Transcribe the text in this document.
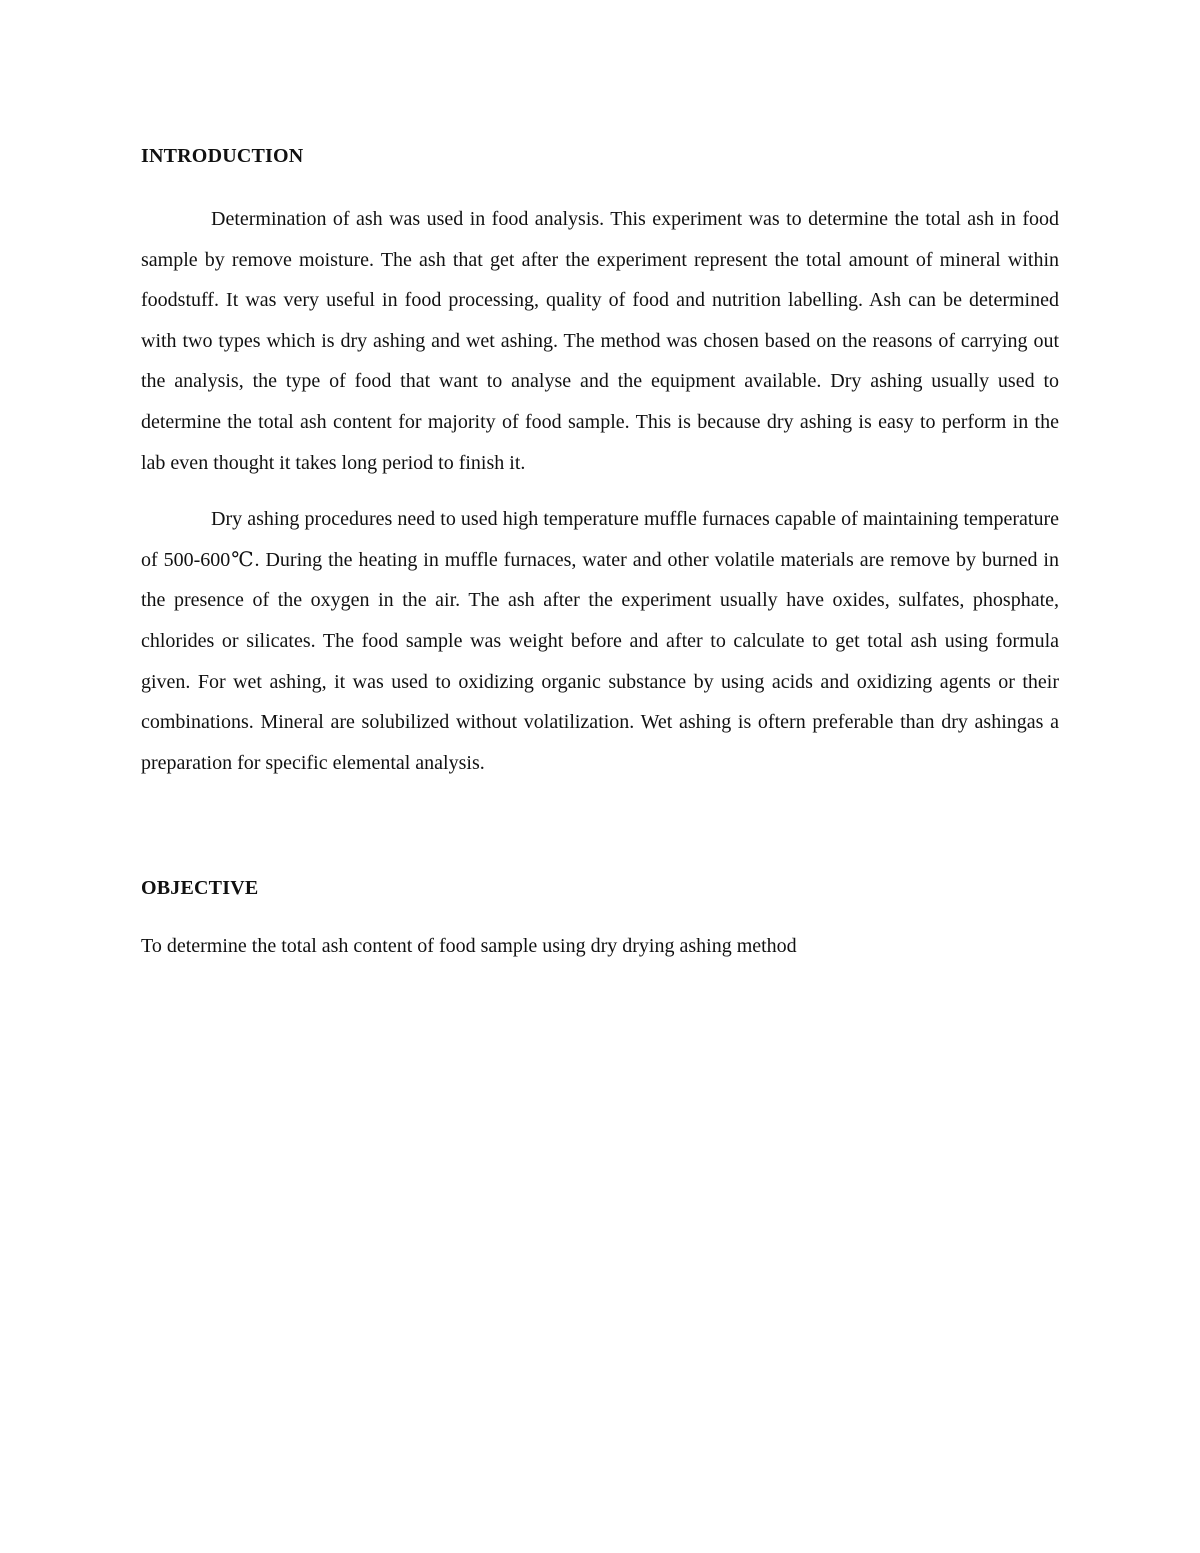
INTRODUCTION

Determination of ash was used in food analysis. This experiment was to determine the total ash in food sample by remove moisture. The ash that get after the experiment represent the total amount of mineral within foodstuff. It was very useful in food processing, quality of food and nutrition labelling. Ash can be determined with two types which is dry ashing and wet ashing. The method was chosen based on the reasons of carrying out the analysis, the type of food that want to analyse and the equipment available. Dry ashing usually used to determine the total ash content for majority of food sample. This is because dry ashing is easy to perform in the lab even thought it takes long period to finish it.

Dry ashing procedures need to used high temperature muffle furnaces capable of maintaining temperature of 500-600℃. During the heating in muffle furnaces, water and other volatile materials are remove by burned in the presence of the oxygen in the air. The ash after the experiment usually have oxides, sulfates, phosphate, chlorides or silicates. The food sample was weight before and after to calculate to get total ash using formula given. For wet ashing, it was used to oxidizing organic substance by using acids and oxidizing agents or their combinations. Mineral are solubilized without volatilization. Wet ashing is oftern preferable than dry ashingas a preparation for specific elemental analysis.

OBJECTIVE

To determine the total ash content of food sample using dry drying ashing method
